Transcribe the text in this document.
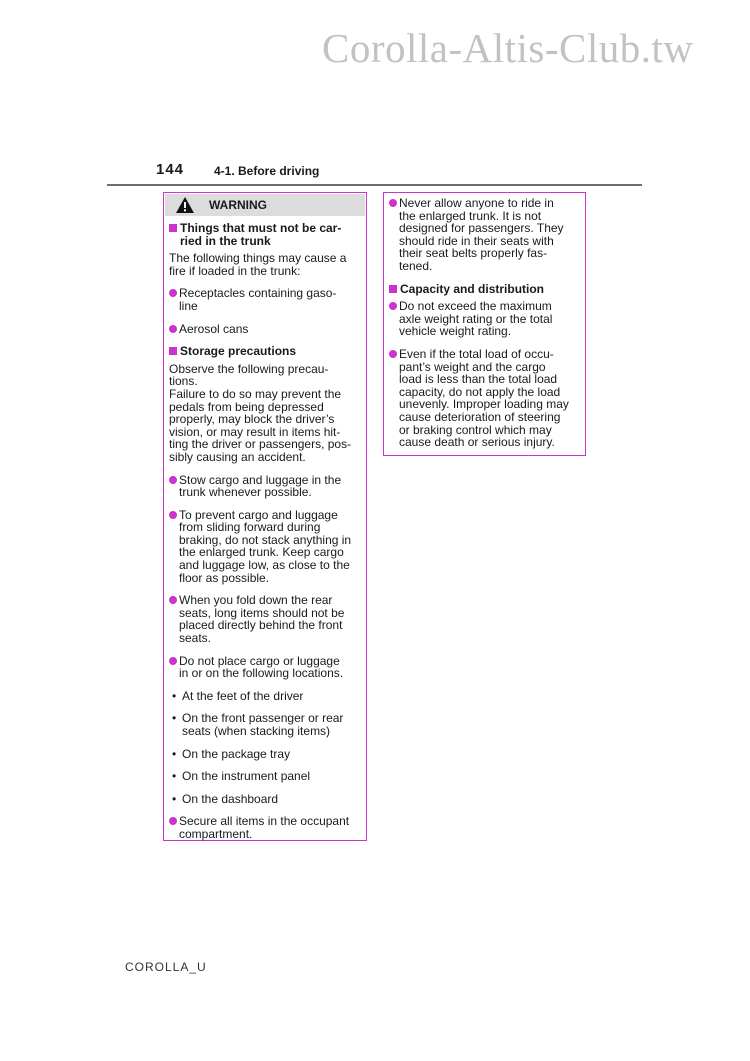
Corolla-Altis-Club.tw
144 4-1. Before driving
WARNING
Things that must not be car-
ried in the trunk
The following things may cause a
fire if loaded in the trunk:
Receptacles containing gaso-
line
Aerosol cans
Storage precautions
Observe the following precau-
tions.
Failure to do so may prevent the
pedals from being depressed
properly, may block the driver’s
vision, or may result in items hit-
ting the driver or passengers, pos-
sibly causing an accident.
Stow cargo and luggage in the
trunk whenever possible.
To prevent cargo and luggage
from sliding forward during
braking, do not stack anything in
the enlarged trunk. Keep cargo
and luggage low, as close to the
floor as possible.
When you fold down the rear
seats, long items should not be
placed directly behind the front
seats.
Do not place cargo or luggage
in or on the following locations.
• At the feet of the driver
• On the front passenger or rear
seats (when stacking items)
• On the package tray
• On the instrument panel
• On the dashboard
Secure all items in the occupant
compartment.
Never allow anyone to ride in
the enlarged trunk. It is not
designed for passengers. They
should ride in their seats with
their seat belts properly fas-
tened.
Capacity and distribution
Do not exceed the maximum
axle weight rating or the total
vehicle weight rating.
Even if the total load of occu-
pant’s weight and the cargo
load is less than the total load
capacity, do not apply the load
unevenly. Improper loading may
cause deterioration of steering
or braking control which may
cause death or serious injury.
COROLLA_U
